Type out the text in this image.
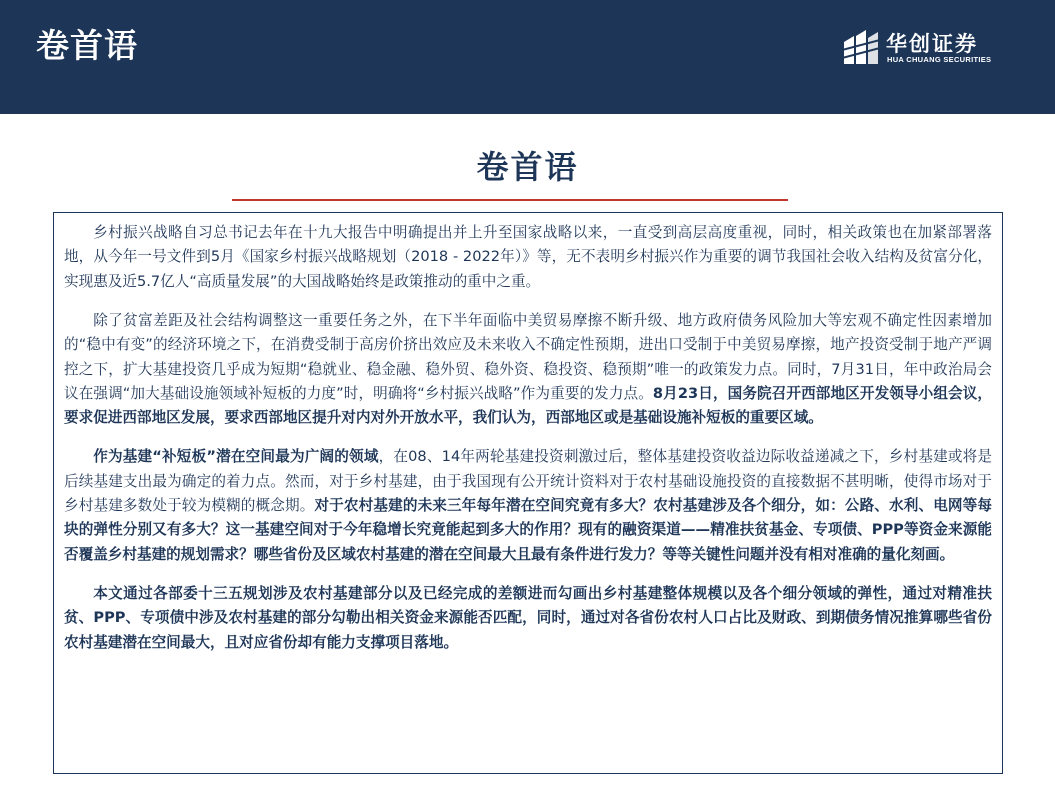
卷首语	华创证券
HUA CHUANG SECURITIES
卷首语

乡村振兴战略自习总书记去年在十九大报告中明确提出并上升至国家战略以来，一直受到高层高度重视，同时，相关政策也在加紧部署落地，从今年一号文件到5月《国家乡村振兴战略规划（2018 - 2022年）》等，无不表明乡村振兴作为重要的调节我国社会收入结构及贫富分化，实现惠及近5.7亿人“高质量发展”的大国战略始终是政策推动的重中之重。

除了贫富差距及社会结构调整这一重要任务之外，在下半年面临中美贸易摩擦不断升级、地方政府债务风险加大等宏观不确定性因素增加的“稳中有变”的经济环境之下，在消费受制于高房价挤出效应及未来收入不确定性预期，进出口受制于中美贸易摩擦，地产投资受制于地产严调控之下，扩大基建投资几乎成为短期“稳就业、稳金融、稳外贸、稳外资、稳投资、稳预期”唯一的政策发力点。同时，7月31日，年中政治局会议在强调“加大基础设施领域补短板的力度”时，明确将“乡村振兴战略”作为重要的发力点。8月23日，国务院召开西部地区开发领导小组会议，要求促进西部地区发展，要求西部地区提升对内对外开放水平，我们认为，西部地区或是基础设施补短板的重要区域。

作为基建“补短板”潜在空间最为广阔的领域，在08、14年两轮基建投资刺激过后，整体基建投资收益边际收益递减之下，乡村基建或将是后续基建支出最为确定的着力点。然而，对于乡村基建，由于我国现有公开统计资料对于农村基础设施投资的直接数据不甚明晰，使得市场对于乡村基建多数处于较为模糊的概念期。对于农村基建的未来三年每年潜在空间究竟有多大？农村基建涉及各个细分，如：公路、水利、电网等每块的弹性分别又有多大？这一基建空间对于今年稳增长究竟能起到多大的作用？现有的融资渠道——精准扶贫基金、专项债、PPP等资金来源能否覆盖乡村基建的规划需求？哪些省份及区域农村基建的潜在空间最大且最有条件进行发力？等等关键性问题并没有相对准确的量化刻画。

本文通过各部委十三五规划涉及农村基建部分以及已经完成的差额进而勾画出乡村基建整体规模以及各个细分领域的弹性，通过对精准扶贫、PPP、专项债中涉及农村基建的部分勾勒出相关资金来源能否匹配，同时，通过对各省份农村人口占比及财政、到期债务情况推算哪些省份农村基建潜在空间最大，且对应省份却有能力支撑项目落地。
